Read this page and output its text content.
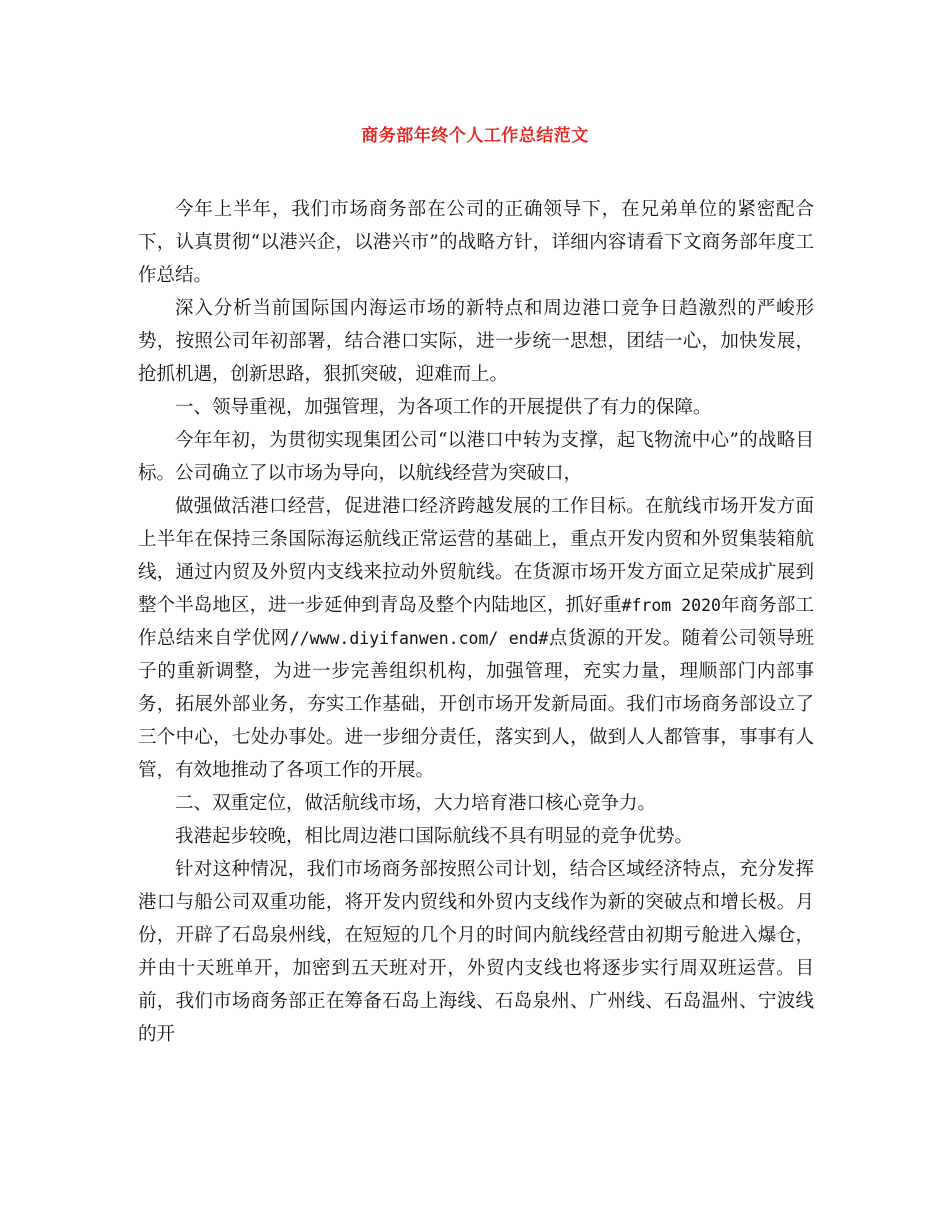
商务部年终个人工作总结范文

今年上半年，我们市场商务部在公司的正确领导下，在兄弟单位的紧密配合下，认真贯彻“以港兴企，以港兴市”的战略方针，详细内容请看下文商务部年度工作总结。

深入分析当前国际国内海运市场的新特点和周边港口竞争日趋激烈的严峻形势，按照公司年初部署，结合港口实际，进一步统一思想，团结一心，加快发展，抢抓机遇，创新思路，狠抓突破，迎难而上。

一、领导重视，加强管理，为各项工作的开展提供了有力的保障。

今年年初，为贯彻实现集团公司“以港口中转为支撑，起飞物流中心”的战略目标。公司确立了以市场为导向，以航线经营为突破口，

做强做活港口经营，促进港口经济跨越发展的工作目标。在航线市场开发方面上半年在保持三条国际海运航线正常运营的基础上，重点开发内贸和外贸集装箱航线，通过内贸及外贸内支线来拉动外贸航线。在货源市场开发方面立足荣成扩展到整个半岛地区，进一步延伸到青岛及整个内陆地区，抓好重#from 2020年商务部工作总结来自学优网//www.diyifanwen.com/ end#点货源的开发。随着公司领导班子的重新调整，为进一步完善组织机构，加强管理，充实力量，理顺部门内部事务，拓展外部业务，夯实工作基础，开创市场开发新局面。我们市场商务部设立了三个中心，七处办事处。进一步细分责任，落实到人，做到人人都管事，事事有人管，有效地推动了各项工作的开展。

二、双重定位，做活航线市场，大力培育港口核心竞争力。

我港起步较晚，相比周边港口国际航线不具有明显的竞争优势。

针对这种情况，我们市场商务部按照公司计划，结合区域经济特点，充分发挥港口与船公司双重功能，将开发内贸线和外贸内支线作为新的突破点和增长极。月份，开辟了石岛泉州线，在短短的几个月的时间内航线经营由初期亏舱进入爆仓，并由十天班单开，加密到五天班对开，外贸内支线也将逐步实行周双班运营。目前，我们市场商务部正在筹备石岛上海线、石岛泉州、广州线、石岛温州、宁波线的开
